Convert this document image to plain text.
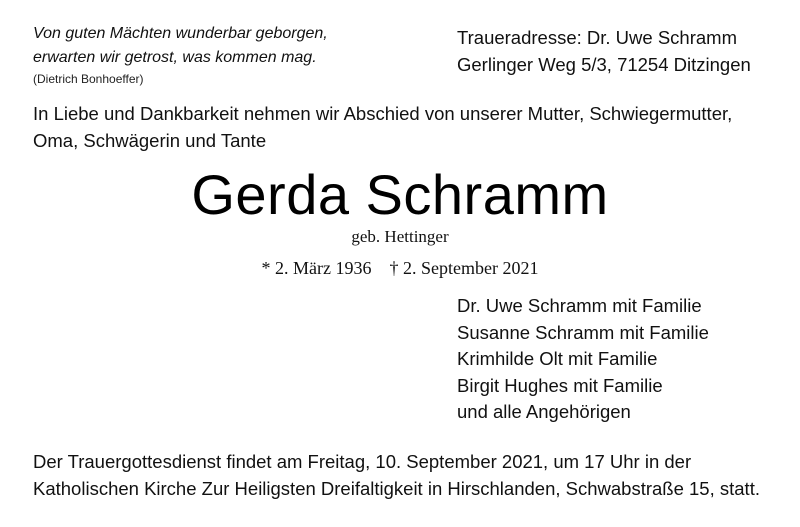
Von guten Mächten wunderbar geborgen,
erwarten wir getrost, was kommen mag.
(Dietrich Bonhoeffer)
Traueradresse: Dr. Uwe Schramm
Gerlinger Weg 5/3, 71254 Ditzingen
In Liebe und Dankbarkeit nehmen wir Abschied von unserer Mutter, Schwiegermutter,
Oma, Schwägerin und Tante
Gerda Schramm
geb. Hettinger
* 2. März 1936 † 2. September 2021
Dr. Uwe Schramm mit Familie
Susanne Schramm mit Familie
Krimhilde Olt mit Familie
Birgit Hughes mit Familie
und alle Angehörigen
Der Trauergottesdienst findet am Freitag, 10. September 2021, um 17 Uhr in der
Katholischen Kirche Zur Heiligsten Dreifaltigkeit in Hirschlanden, Schwabstraße 15, statt.
